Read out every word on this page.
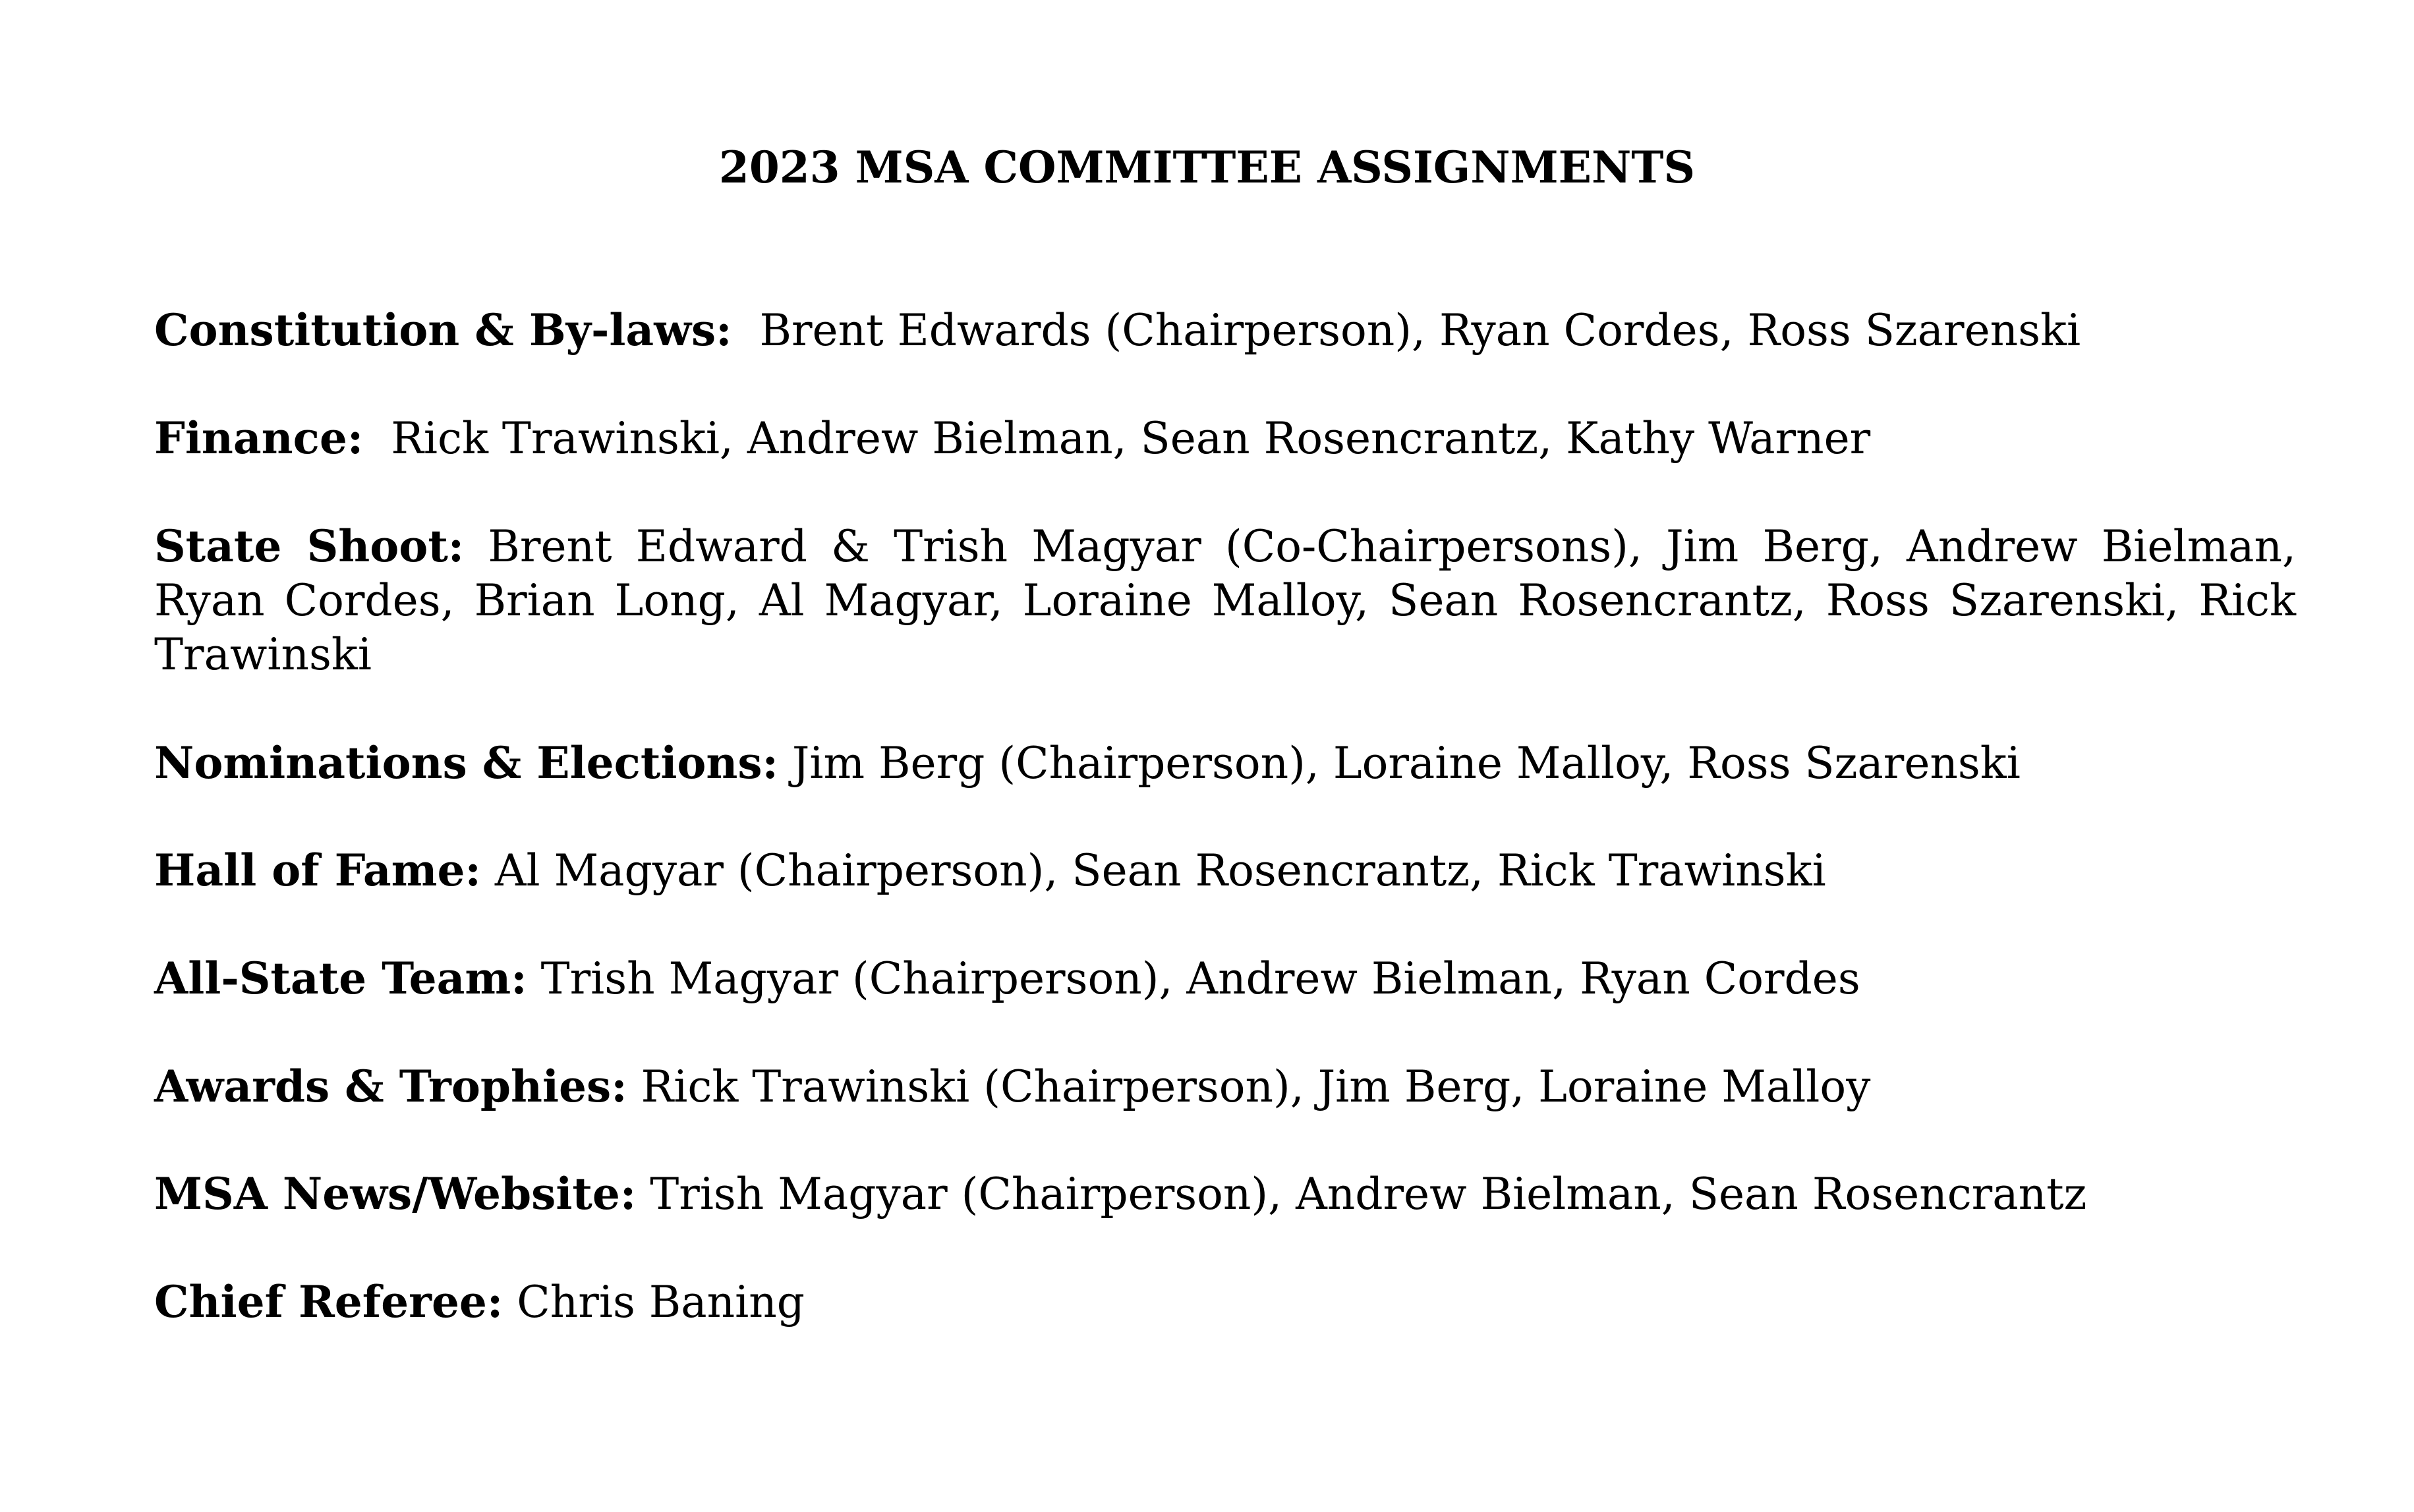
2023 MSA COMMITTEE ASSIGNMENTS

Constitution & By-laws: Brent Edwards (Chairperson), Ryan Cordes, Ross Szarenski

Finance: Rick Trawinski, Andrew Bielman, Sean Rosencrantz, Kathy Warner

State Shoot: Brent Edward & Trish Magyar (Co-Chairpersons), Jim Berg, Andrew Bielman, Ryan Cordes, Brian Long, Al Magyar, Loraine Malloy, Sean Rosencrantz, Ross Szarenski, Rick Trawinski

Nominations & Elections: Jim Berg (Chairperson), Loraine Malloy, Ross Szarenski

Hall of Fame: Al Magyar (Chairperson), Sean Rosencrantz, Rick Trawinski

All-State Team: Trish Magyar (Chairperson), Andrew Bielman, Ryan Cordes

Awards & Trophies: Rick Trawinski (Chairperson), Jim Berg, Loraine Malloy

MSA News/Website: Trish Magyar (Chairperson), Andrew Bielman, Sean Rosencrantz

Chief Referee: Chris Baning
